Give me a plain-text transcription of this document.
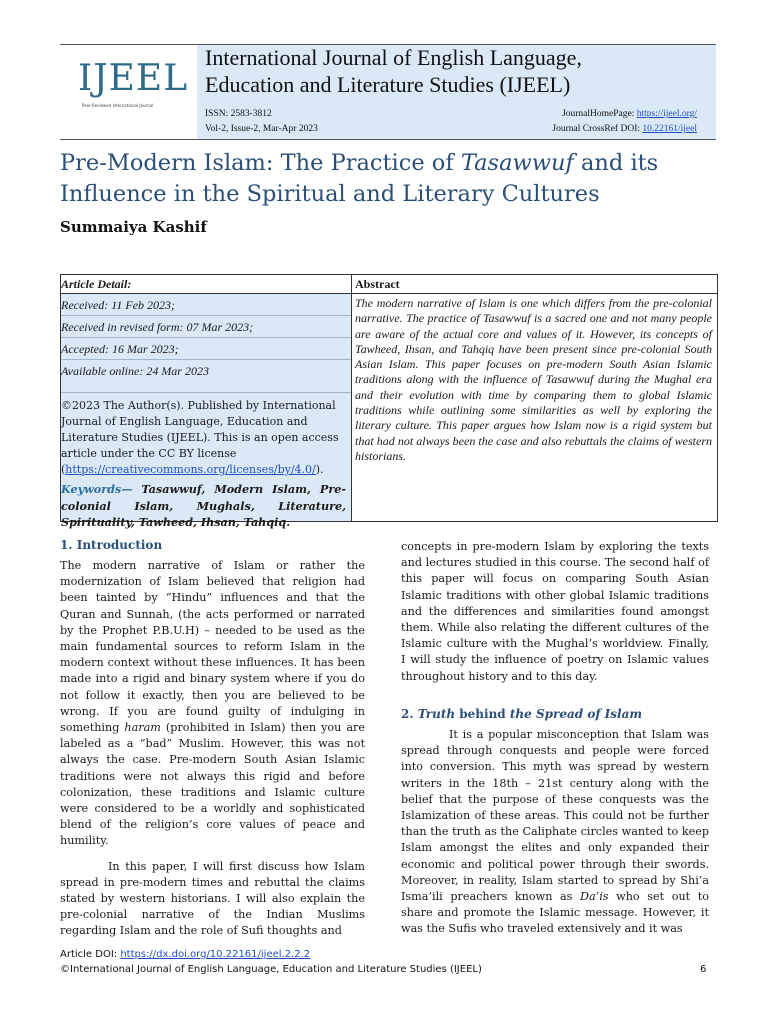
IJEEL
Peer-Reviewed International Journal
International Journal of English Language,
Education and Literature Studies (IJEEL)
ISSN: 2583-3812
Vol-2, Issue-2, Mar-Apr 2023
JournalHomePage: https://ijeel.org/
Journal CrossRef DOI: 10.22161/ijeel
Pre-Modern Islam: The Practice of Tasawwuf and its
Influence in the Spiritual and Literary Cultures
Summaiya Kashif
Article Detail:	Abstract
Received: 11 Feb 2023;
Received in revised form: 07 Mar 2023;
Accepted: 16 Mar 2023;
Available online: 24 Mar 2023
©2023 The Author(s). Published by International Journal of English Language, Education and Literature Studies (IJEEL). This is an open access article under the CC BY license (https://creativecommons.org/licenses/by/4.0/).
Keywords— Tasawwuf, Modern Islam, Pre-colonial Islam, Mughals, Literature, Spirituality, Tawheed, Ihsan, Tahqiq.
The modern narrative of Islam is one which differs from the pre-colonial narrative. The practice of Tasawwuf is a sacred one and not many people are aware of the actual core and values of it. However, its concepts of Tawheed, Ihsan, and Tahqiq have been present since pre-colonial South Asian Islam. This paper focuses on pre-modern South Asian Islamic traditions along with the influence of Tasawwuf during the Mughal era and their evolution with time by comparing them to global Islamic traditions while outlining some similarities as well by exploring the literary culture. This paper argues how Islam now is a rigid system but that had not always been the case and also rebuttals the claims of western historians.
1. Introduction

The modern narrative of Islam or rather the modernization of Islam believed that religion had been tainted by “Hindu” influences and that the Quran and Sunnah, (the acts performed or narrated by the Prophet P.B.U.H) – needed to be used as the main fundamental sources to reform Islam in the modern context without these influences. It has been made into a rigid and binary system where if you do not follow it exactly, then you are believed to be wrong. If you are found guilty of indulging in something haram (prohibited in Islam) then you are labeled as a “bad” Muslim. However, this was not always the case. Pre-modern South Asian Islamic traditions were not always this rigid and before colonization, these traditions and Islamic culture were considered to be a worldly and sophisticated blend of the religion’s core values of peace and humility.

In this paper, I will first discuss how Islam spread in pre-modern times and rebuttal the claims stated by western historians. I will also explain the pre-colonial narrative of the Indian Muslims regarding Islam and the role of Sufi thoughts and

concepts in pre-modern Islam by exploring the texts and lectures studied in this course. The second half of this paper will focus on comparing South Asian Islamic traditions with other global Islamic traditions and the differences and similarities found amongst them. While also relating the different cultures of the Islamic culture with the Mughal’s worldview. Finally, I will study the influence of poetry on Islamic values throughout history and to this day.

2. Truth behind the Spread of Islam

It is a popular misconception that Islam was spread through conquests and people were forced into conversion. This myth was spread by western writers in the 18th – 21st century along with the belief that the purpose of these conquests was the Islamization of these areas. This could not be further than the truth as the Caliphate circles wanted to keep Islam amongst the elites and only expanded their economic and political power through their swords. Moreover, in reality, Islam started to spread by Shi’a Isma’ili preachers known as Da’is who set out to share and promote the Islamic message. However, it was the Sufis who traveled extensively and it was

Article DOI: https://dx.doi.org/10.22161/ijeel.2.2.2
©International Journal of English Language, Education and Literature Studies (IJEEL)	6
